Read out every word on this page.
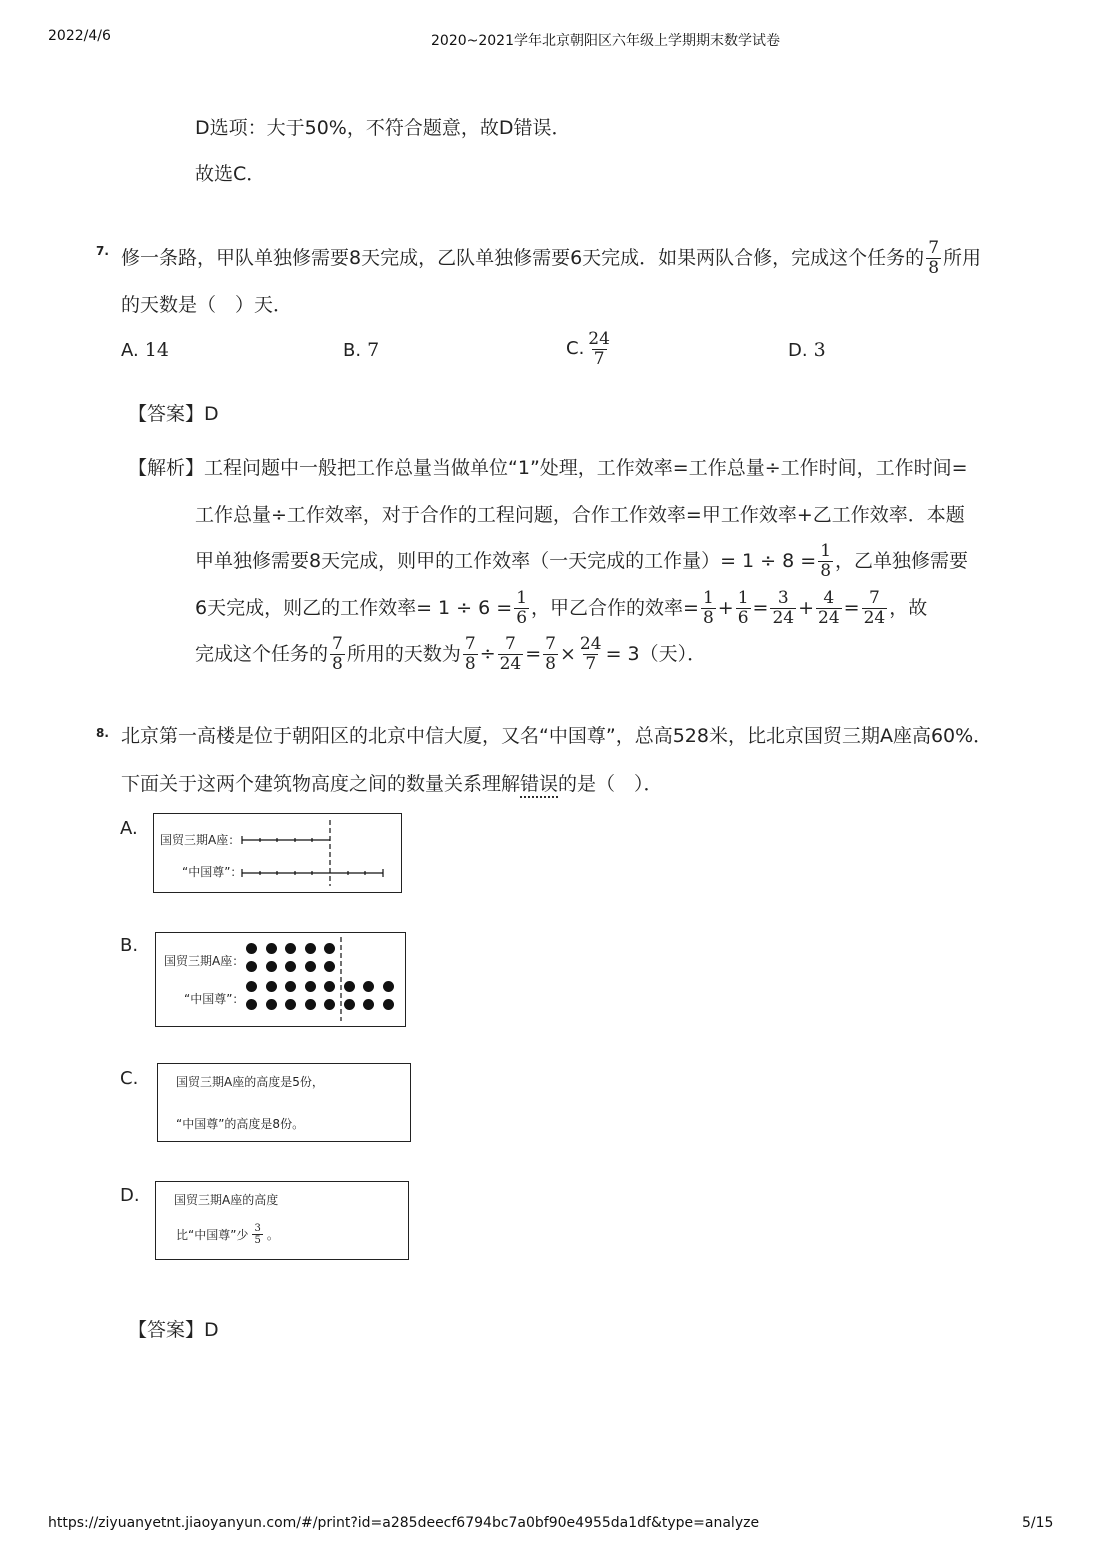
2022/4/6	2020~2021学年北京朝阳区六年级上学期期末数学试卷
D选项：大于50%，不符合题意，故D错误．
故选C．
7. 修一条路，甲队单独修需要8天完成，乙队单独修需要6天完成．如果两队合修，完成这个任务的 $\frac{7}{8}$ 所用
的天数是（　）天．
A. 14	B. 7	C. $\frac{24}{7}$	D. 3
【答案】D
【解析】工程问题中一般把工作总量当做单位“1”处理，工作效率=工作总量÷工作时间，工作时间=
工作总量÷工作效率，对于合作的工程问题，合作工作效率=甲工作效率+乙工作效率．本题
甲单独修需要8天完成，则甲的工作效率（一天完成的工作量）= $1 \div 8 = \frac{1}{8}$ ，乙单独修需要
6天完成，则乙的工作效率= $1 \div 6 = \frac{1}{6}$ ，甲乙合作的效率= $\frac{1}{8} + \frac{1}{6} = \frac{3}{24} + \frac{4}{24} = \frac{7}{24}$ ，故
完成这个任务的 $\frac{7}{8}$ 所用的天数为 $\frac{7}{8} \div \frac{7}{24} = \frac{7}{8} \times \frac{24}{7} = 3$（天）．
8. 北京第一高楼是位于朝阳区的北京中信大厦，又名“中国尊”，总高528米，比北京国贸三期A座高60%．
下面关于这两个建筑物高度之间的数量关系理解错误的是（　）．
A.
国贸三期A座：
“中国尊”：
B.
国贸三期A座：
“中国尊”：
C.	国贸三期A座的高度是5份，
“中国尊”的高度是8份。
D.	国贸三期A座的高度
比“中国尊”少 $\frac{3}{5}$ 。
【答案】D
https://ziyuanyetnt.jiaoyanyun.com/#/print?id=a285deecf6794bc7a0bf90e4955da1df&type=analyze	5/15
